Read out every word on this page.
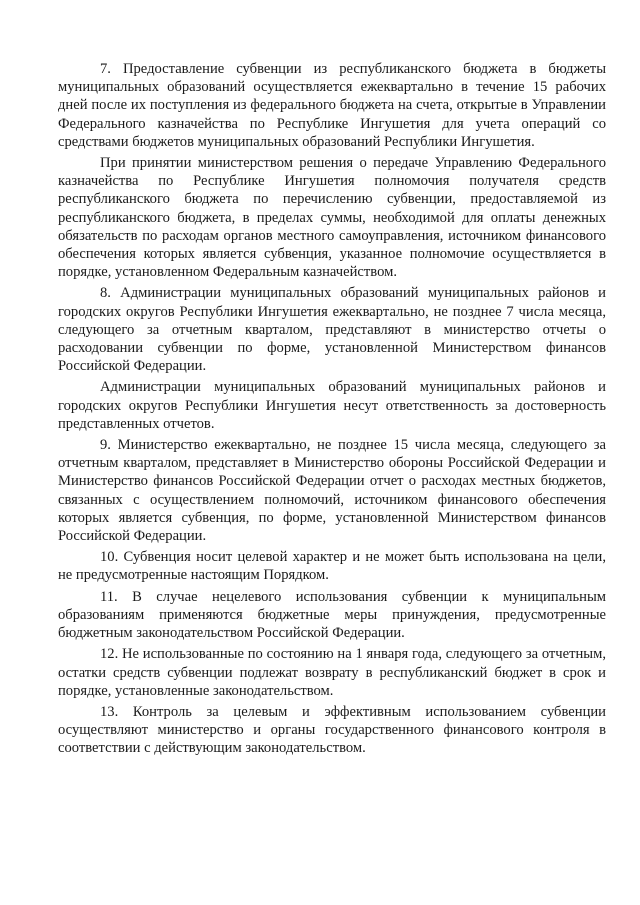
7. Предоставление субвенции из республиканского бюджета в бюджеты муниципальных образований осуществляется ежеквартально в течение 15 рабочих дней после их поступления из федерального бюджета на счета, открытые в Управлении Федерального казначейства по Республике Ингушетия для учета операций со средствами бюджетов муниципальных образований Республики Ингушетия.

При принятии министерством решения о передаче Управлению Федерального казначейства по Республике Ингушетия полномочия получателя средств республиканского бюджета по перечислению субвенции, предоставляемой из республиканского бюджета, в пределах суммы, необходимой для оплаты денежных обязательств по расходам органов местного самоуправления, источником финансового обеспечения которых является субвенция, указанное полномочие осуществляется в порядке, установленном Федеральным казначейством.

8. Администрации муниципальных образований муниципальных районов и городских округов Республики Ингушетия ежеквартально, не позднее 7 числа месяца, следующего за отчетным кварталом, представляют в министерство отчеты о расходовании субвенции по форме, установленной Министерством финансов Российской Федерации.

Администрации муниципальных образований муниципальных районов и городских округов Республики Ингушетия несут ответственность за достоверность представленных отчетов.

9. Министерство ежеквартально, не позднее 15 числа месяца, следующего за отчетным кварталом, представляет в Министерство обороны Российской Федерации и Министерство финансов Российской Федерации отчет о расходах местных бюджетов, связанных с осуществлением полномочий, источником финансового обеспечения которых является субвенция, по форме, установленной Министерством финансов Российской Федерации.

10. Субвенция носит целевой характер и не может быть использована на цели, не предусмотренные настоящим Порядком.

11. В случае нецелевого использования субвенции к муниципальным образованиям применяются бюджетные меры принуждения, предусмотренные бюджетным законодательством Российской Федерации.

12. Не использованные по состоянию на 1 января года, следующего за отчетным, остатки средств субвенции подлежат возврату в республиканский бюджет в срок и порядке, установленные законодательством.

13. Контроль за целевым и эффективным использованием субвенции осуществляют министерство и органы государственного финансового контроля в соответствии с действующим законодательством.
